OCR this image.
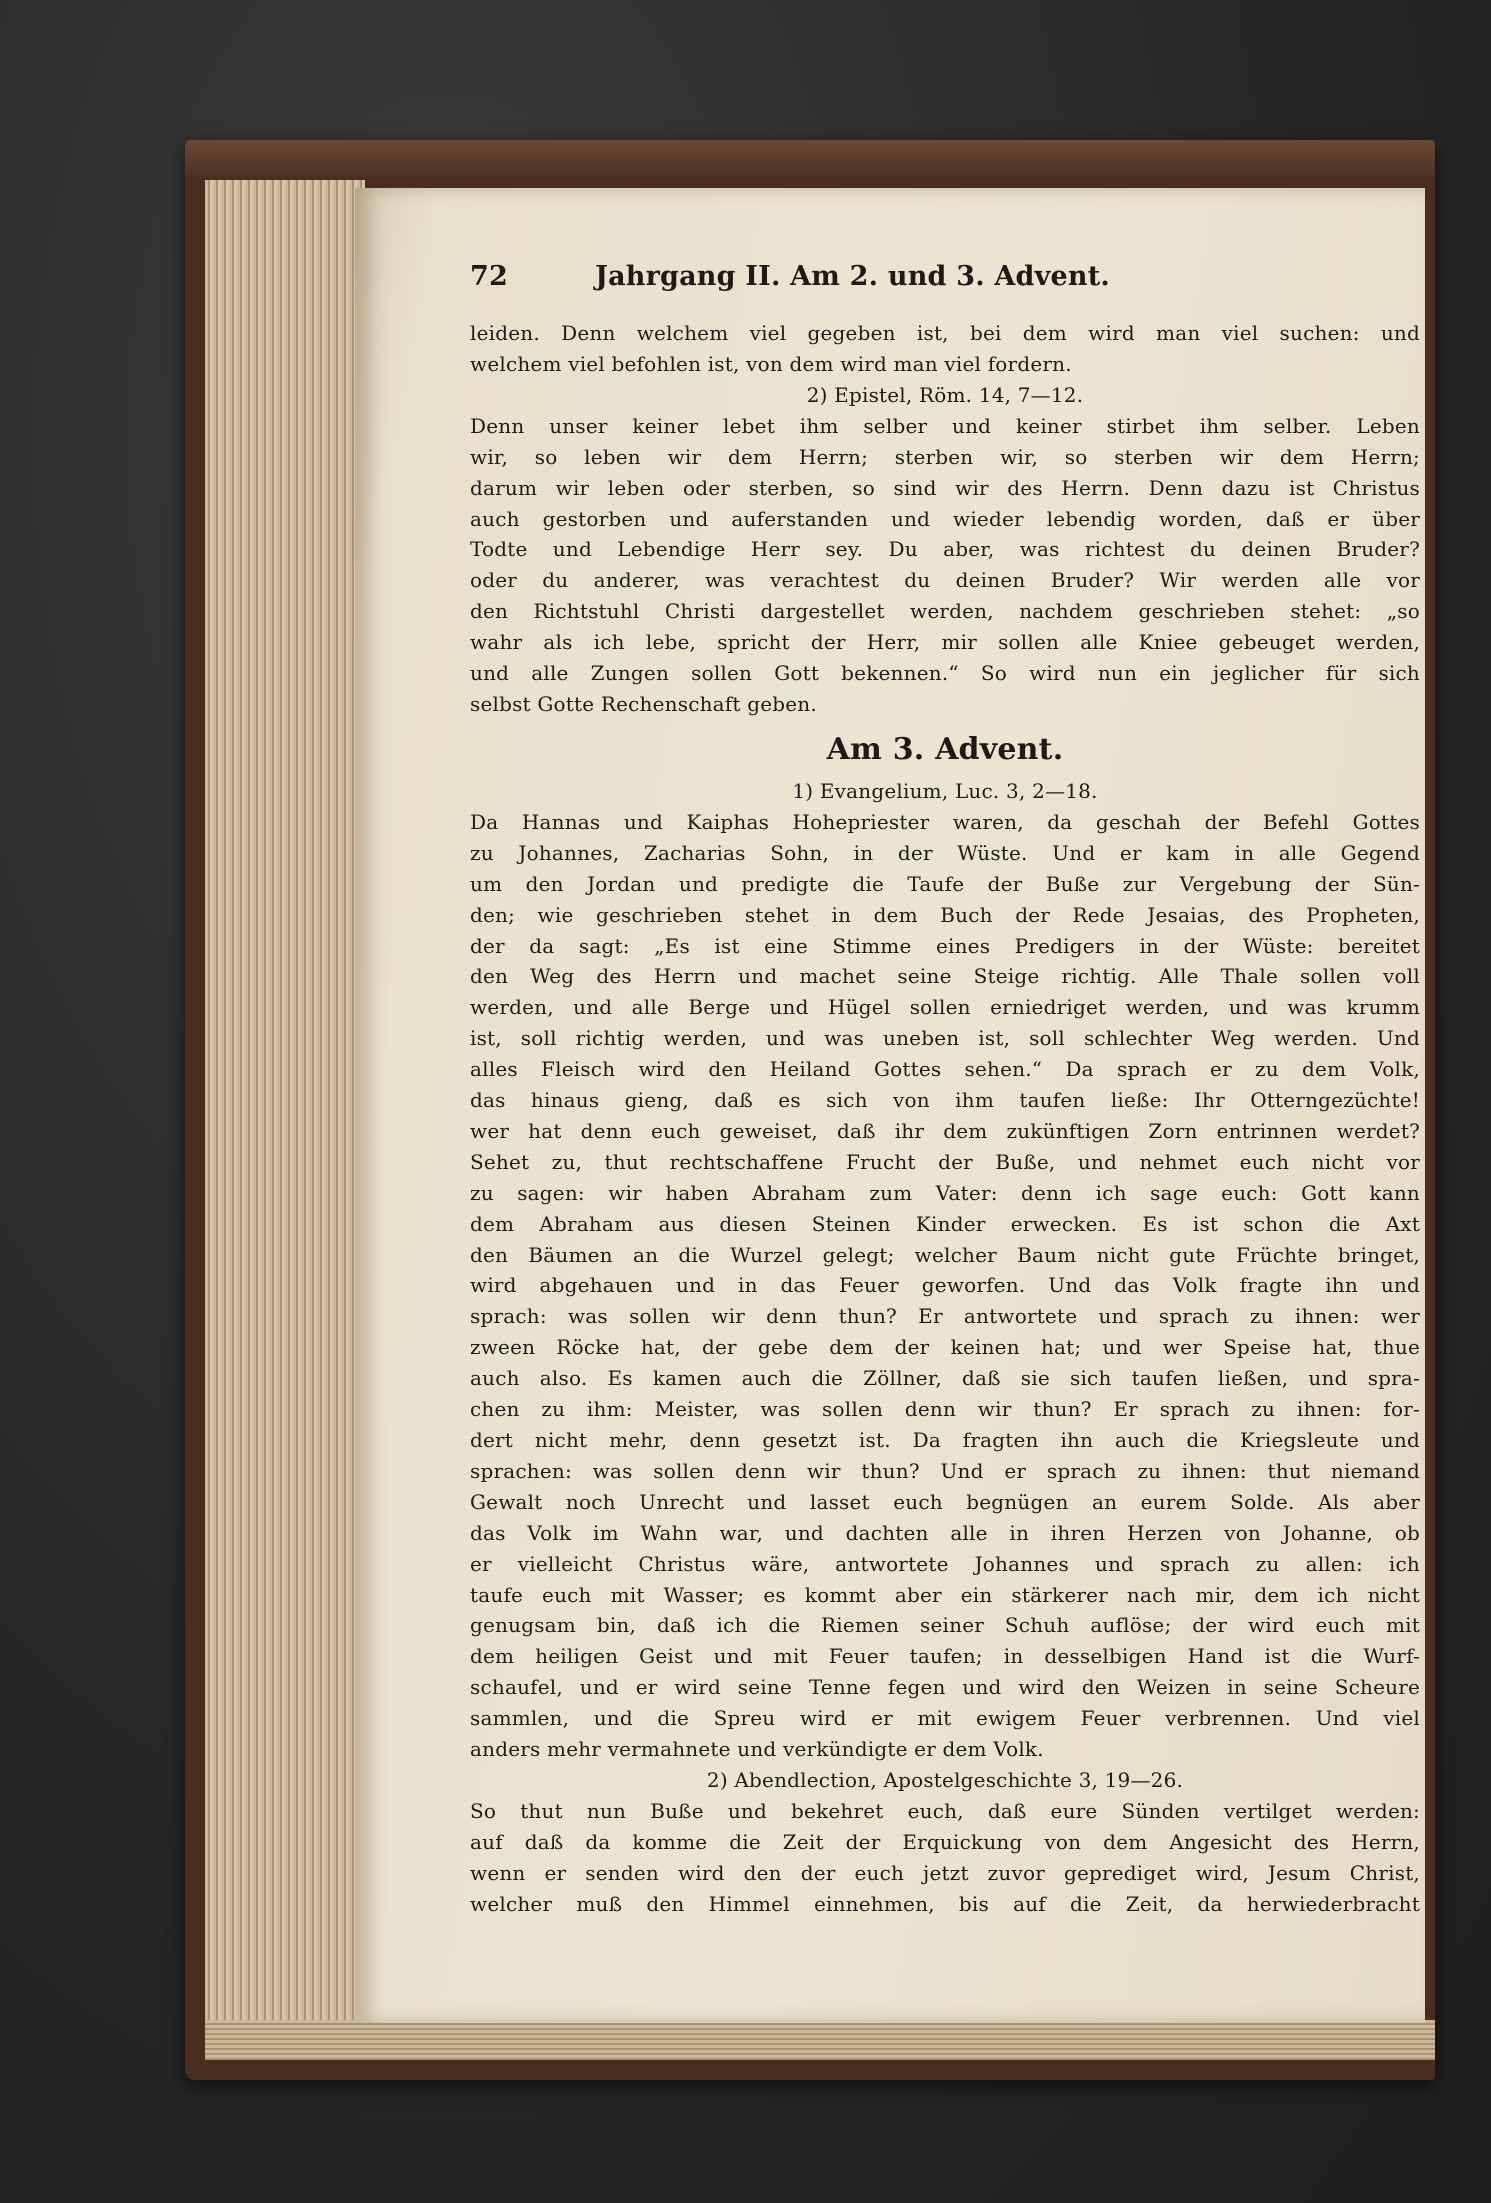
72	Jahrgang II. Am 2. und 3. Advent.
leiden. Denn welchem viel gegeben ist, bei dem wird man viel suchen: und
welchem viel befohlen ist, von dem wird man viel fordern.
2) Epistel, Röm. 14, 7—12.
Denn unser keiner lebet ihm selber und keiner stirbet ihm selber. Leben
wir, so leben wir dem Herrn; sterben wir, so sterben wir dem Herrn;
darum wir leben oder sterben, so sind wir des Herrn. Denn dazu ist Christus
auch gestorben und auferstanden und wieder lebendig worden, daß er über
Todte und Lebendige Herr sey. Du aber, was richtest du deinen Bruder?
oder du anderer, was verachtest du deinen Bruder? Wir werden alle vor
den Richtstuhl Christi dargestellet werden, nachdem geschrieben stehet: „so
wahr als ich lebe, spricht der Herr, mir sollen alle Kniee gebeuget werden,
und alle Zungen sollen Gott bekennen.“ So wird nun ein jeglicher für sich
selbst Gotte Rechenschaft geben.
Am 3. Advent.
1) Evangelium, Luc. 3, 2—18.
Da Hannas und Kaiphas Hohepriester waren, da geschah der Befehl Gottes
zu Johannes, Zacharias Sohn, in der Wüste. Und er kam in alle Gegend
um den Jordan und predigte die Taufe der Buße zur Vergebung der Sün-
den; wie geschrieben stehet in dem Buch der Rede Jesaias, des Propheten,
der da sagt: „Es ist eine Stimme eines Predigers in der Wüste: bereitet
den Weg des Herrn und machet seine Steige richtig. Alle Thale sollen voll
werden, und alle Berge und Hügel sollen erniedriget werden, und was krumm
ist, soll richtig werden, und was uneben ist, soll schlechter Weg werden. Und
alles Fleisch wird den Heiland Gottes sehen.“ Da sprach er zu dem Volk,
das hinaus gieng, daß es sich von ihm taufen ließe: Ihr Otterngezüchte!
wer hat denn euch geweiset, daß ihr dem zukünftigen Zorn entrinnen werdet?
Sehet zu, thut rechtschaffene Frucht der Buße, und nehmet euch nicht vor
zu sagen: wir haben Abraham zum Vater: denn ich sage euch: Gott kann
dem Abraham aus diesen Steinen Kinder erwecken. Es ist schon die Axt
den Bäumen an die Wurzel gelegt; welcher Baum nicht gute Früchte bringet,
wird abgehauen und in das Feuer geworfen. Und das Volk fragte ihn und
sprach: was sollen wir denn thun? Er antwortete und sprach zu ihnen: wer
zween Röcke hat, der gebe dem der keinen hat; und wer Speise hat, thue
auch also. Es kamen auch die Zöllner, daß sie sich taufen ließen, und spra-
chen zu ihm: Meister, was sollen denn wir thun? Er sprach zu ihnen: for-
dert nicht mehr, denn gesetzt ist. Da fragten ihn auch die Kriegsleute und
sprachen: was sollen denn wir thun? Und er sprach zu ihnen: thut niemand
Gewalt noch Unrecht und lasset euch begnügen an eurem Solde. Als aber
das Volk im Wahn war, und dachten alle in ihren Herzen von Johanne, ob
er vielleicht Christus wäre, antwortete Johannes und sprach zu allen: ich
taufe euch mit Wasser; es kommt aber ein stärkerer nach mir, dem ich nicht
genugsam bin, daß ich die Riemen seiner Schuh auflöse; der wird euch mit
dem heiligen Geist und mit Feuer taufen; in desselbigen Hand ist die Wurf-
schaufel, und er wird seine Tenne fegen und wird den Weizen in seine Scheure
sammlen, und die Spreu wird er mit ewigem Feuer verbrennen. Und viel
anders mehr vermahnete und verkündigte er dem Volk.
2) Abendlection, Apostelgeschichte 3, 19—26.
So thut nun Buße und bekehret euch, daß eure Sünden vertilget werden:
auf daß da komme die Zeit der Erquickung von dem Angesicht des Herrn,
wenn er senden wird den der euch jetzt zuvor geprediget wird, Jesum Christ,
welcher muß den Himmel einnehmen, bis auf die Zeit, da herwiederbracht
